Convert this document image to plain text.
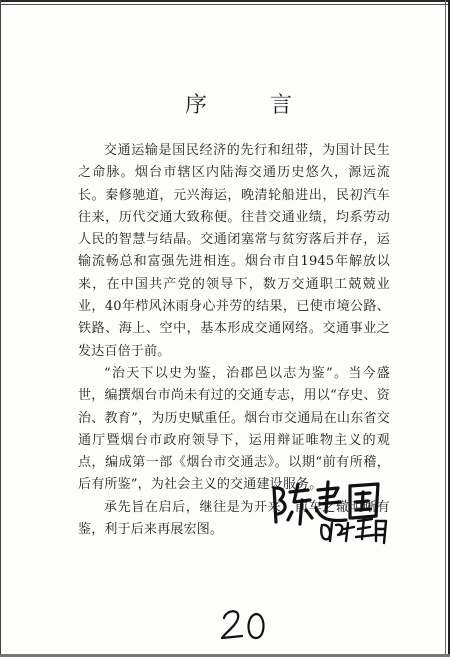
序 言

交通运输是国民经济的先行和纽带，为国计民生之命脉。烟台市辖区内陆海交通历史悠久，源远流长。秦修驰道，元兴海运，晚清轮船进出，民初汽车往来，历代交通大致称便。往昔交通业绩，均系劳动人民的智慧与结晶。交通闭塞常与贫穷落后并存，运输流畅总和富强先进相连。烟台市自1945年解放以来，在中国共产党的领导下，数万交通职工兢兢业业，40年栉风沐雨身心并劳的结果，已使市境公路、铁路、海上、空中，基本形成交通网络。交通事业之发达百倍于前。

“治天下以史为鉴，治郡邑以志为鉴”。当今盛世，编撰烟台市尚未有过的交通专志，用以“存史、资治、教育”，为历史赋重任。烟台市交通局在山东省交通厅暨烟台市政府领导下，运用辩证唯物主义的观点，编成第一部《烟台市交通志》。以期“前有所稽，后有所鉴”，为社会主义的交通建设服务。

承先旨在启后，继往是为开来，前车之辙明晰有鉴，利于后来再展宏图。
